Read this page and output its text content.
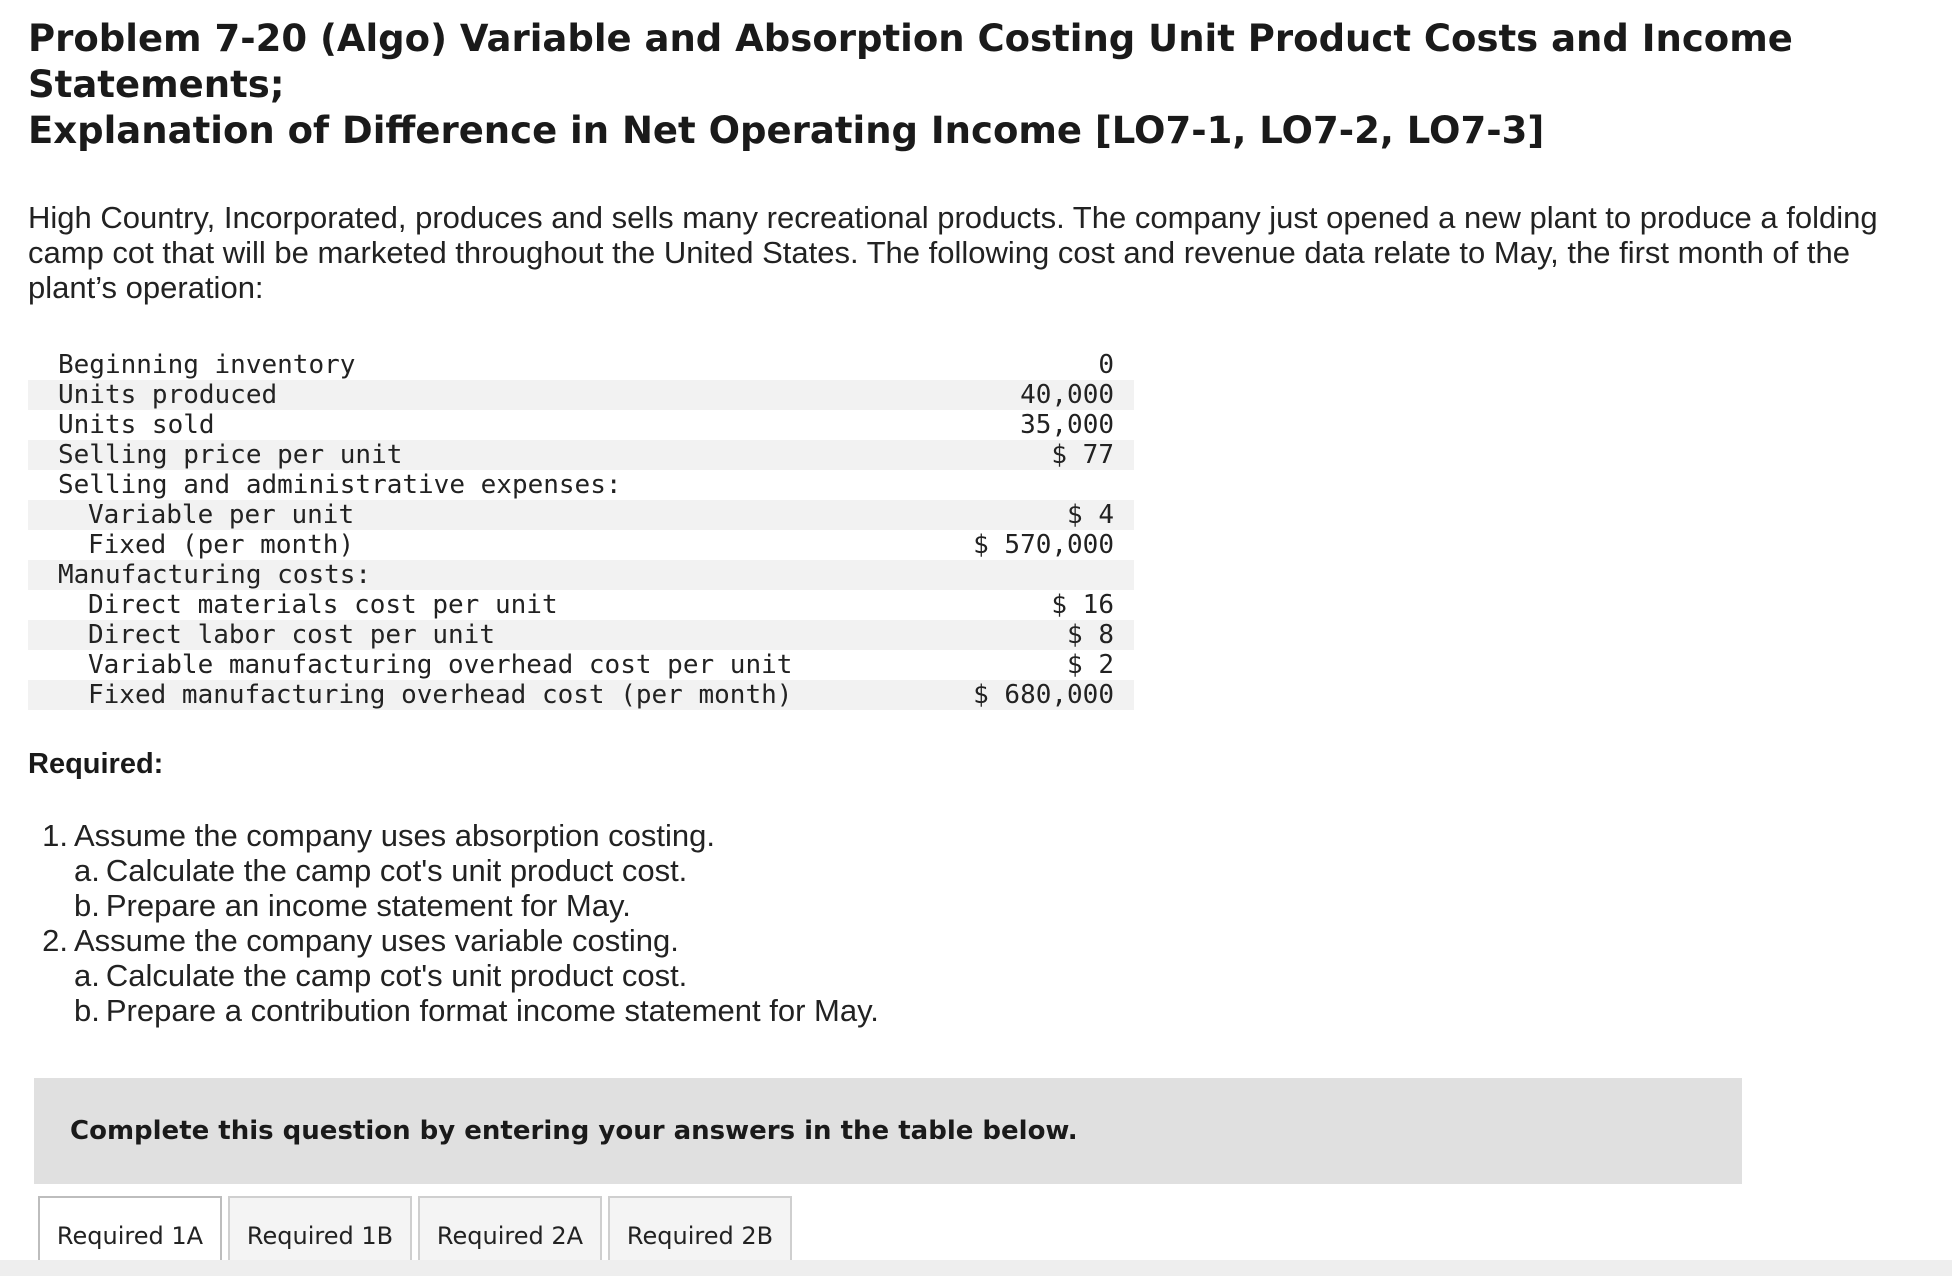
Problem 7-20 (Algo) Variable and Absorption Costing Unit Product Costs and Income Statements;
Explanation of Difference in Net Operating Income [LO7-1, LO7-2, LO7-3]

High Country, Incorporated, produces and sells many recreational products. The company just opened a new plant to produce a folding camp cot that will be marketed throughout the United States. The following cost and revenue data relate to May, the first month of the plant’s operation:

Beginning inventory	0
Units produced	40,000
Units sold	35,000
Selling price per unit	$ 77
Selling and administrative expenses:	
Variable per unit	$ 4
Fixed (per month)	$ 570,000
Manufacturing costs:	
Direct materials cost per unit	$ 16
Direct labor cost per unit	$ 8
Variable manufacturing overhead cost per unit	$ 2
Fixed manufacturing overhead cost (per month)	$ 680,000
Required:
1. Assume the company uses absorption costing.
a. Calculate the camp cot's unit product cost.
b. Prepare an income statement for May.
2. Assume the company uses variable costing.
a. Calculate the camp cot's unit product cost.
b. Prepare a contribution format income statement for May.
Complete this question by entering your answers in the table below.
Required 1A Required 1B Required 2A Required 2B
